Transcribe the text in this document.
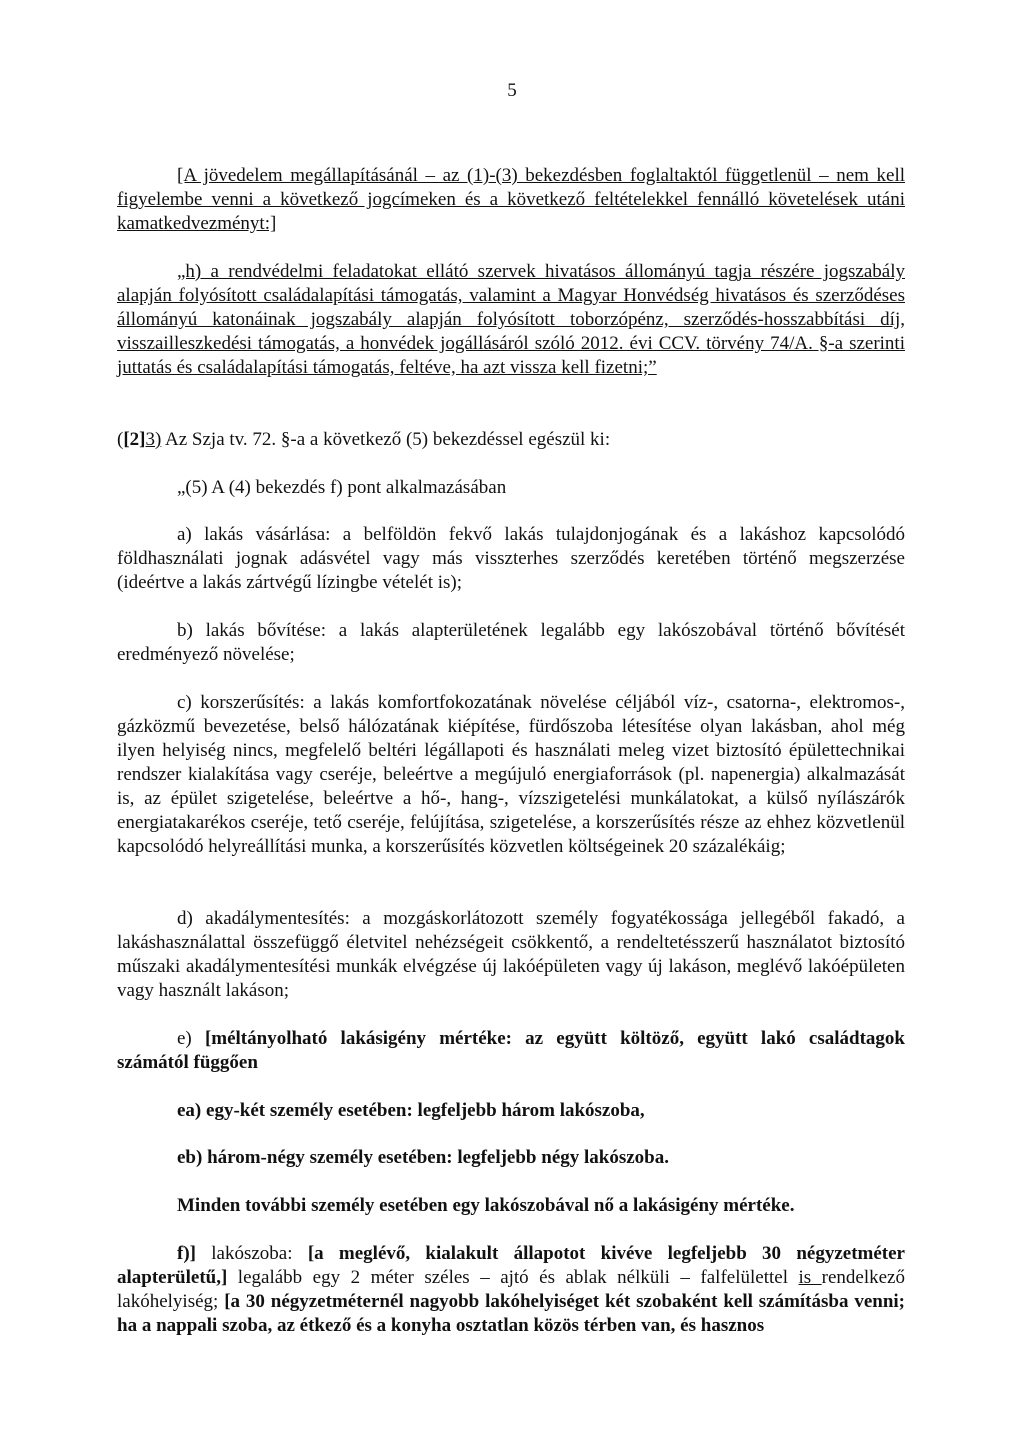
5

[A jövedelem megállapításánál – az (1)-(3) bekezdésben foglaltaktól függetlenül – nem kell figyelembe venni a következő jogcímeken és a következő feltételekkel fennálló követelések utáni kamatkedvezményt:]

„h) a rendvédelmi feladatokat ellátó szervek hivatásos állományú tagja részére jogszabály alapján folyósított családalapítási támogatás, valamint a Magyar Honvédség hivatásos és szerződéses állományú katonáinak jogszabály alapján folyósított toborzópénz, szerződés-hosszabbítási díj, visszailleszkedési támogatás, a honvédek jogállásáról szóló 2012. évi CCV. törvény 74/A. §-a szerinti juttatás és családalapítási támogatás, feltéve, ha azt vissza kell fizetni;”

([2]3) Az Szja tv. 72. §-a a következő (5) bekezdéssel egészül ki:

„(5) A (4) bekezdés f) pont alkalmazásában

a) lakás vásárlása: a belföldön fekvő lakás tulajdonjogának és a lakáshoz kapcsolódó földhasználati jognak adásvétel vagy más visszterhes szerződés keretében történő megszerzése (ideértve a lakás zártvégű lízingbe vételét is);

b) lakás bővítése: a lakás alapterületének legalább egy lakószobával történő bővítését eredményező növelése;

c) korszerűsítés: a lakás komfortfokozatának növelése céljából víz-, csatorna-, elektromos-, gázközmű bevezetése, belső hálózatának kiépítése, fürdőszoba létesítése olyan lakásban, ahol még ilyen helyiség nincs, megfelelő beltéri légállapoti és használati meleg vizet biztosító épülettechnikai rendszer kialakítása vagy cseréje, beleértve a megújuló energiaforrások (pl. napenergia) alkalmazását is, az épület szigetelése, beleértve a hő-, hang-, vízszigetelési munkálatokat, a külső nyílászárók energiatakarékos cseréje, tető cseréje, felújítása, szigetelése, a korszerűsítés része az ehhez közvetlenül kapcsolódó helyreállítási munka, a korszerűsítés közvetlen költségeinek 20 százalékáig;

d) akadálymentesítés: a mozgáskorlátozott személy fogyatékossága jellegéből fakadó, a lakáshasználattal összefüggő életvitel nehézségeit csökkentő, a rendeltetésszerű használatot biztosító műszaki akadálymentesítési munkák elvégzése új lakóépületen vagy új lakáson, meglévő lakóépületen vagy használt lakáson;

e) [méltányolható lakásigény mértéke: az együtt költöző, együtt lakó családtagok számától függően

ea) egy-két személy esetében: legfeljebb három lakószoba,

eb) három-négy személy esetében: legfeljebb négy lakószoba.

Minden további személy esetében egy lakószobával nő a lakásigény mértéke.

f)] lakószoba: [a meglévő, kialakult állapotot kivéve legfeljebb 30 négyzetméter alapterületű,] legalább egy 2 méter széles – ajtó és ablak nélküli – falfelülettel is rendelkező lakóhelyiség; [a 30 négyzetméternél nagyobb lakóhelyiséget két szobaként kell számításba venni; ha a nappali szoba, az étkező és a konyha osztatlan közös térben van, és hasznos
